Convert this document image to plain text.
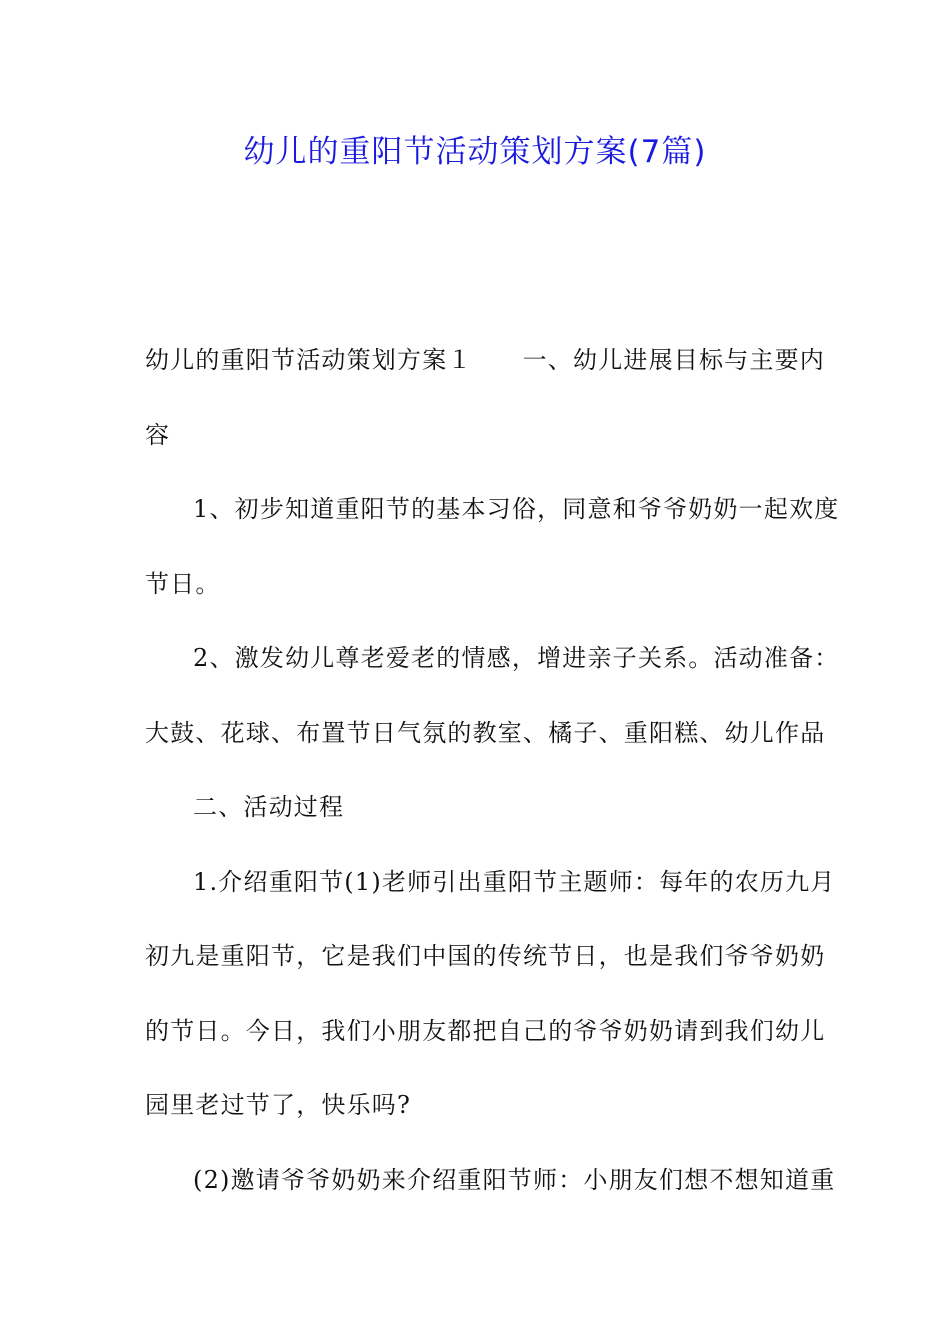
幼儿的重阳节活动策划方案(7篇)
幼儿的重阳节活动策划方案１ 一、幼儿进展目标与主要内
容
1、初步知道重阳节的基本习俗，同意和爷爷奶奶一起欢度
节日。
2、激发幼儿尊老爱老的情感，增进亲子关系。活动准备：
大鼓、花球、布置节日气氛的教室、橘子、重阳糕、幼儿作品
二、活动过程
1.介绍重阳节(1)老师引出重阳节主题师：每年的农历九月
初九是重阳节，它是我们中国的传统节日，也是我们爷爷奶奶
的节日。今日，我们小朋友都把自己的爷爷奶奶请到我们幼儿
园里老过节了，快乐吗?
(2)邀请爷爷奶奶来介绍重阳节师：小朋友们想不想知道重
